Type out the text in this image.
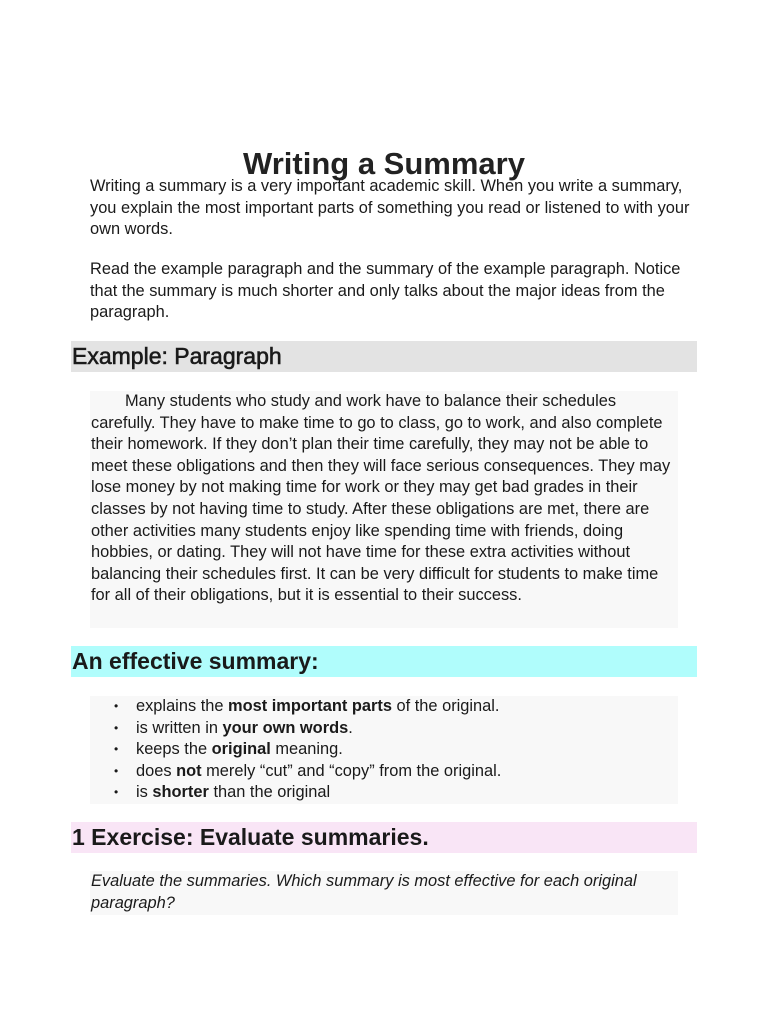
Writing a Summary

Writing a summary is a very important academic skill. When you write a summary, you explain the most important parts of something you read or listened to with your own words.

Read the example paragraph and the summary of the example paragraph. Notice that the summary is much shorter and only talks about the major ideas from the paragraph.

Example: Paragraph

Many students who study and work have to balance their schedules carefully. They have to make time to go to class, go to work, and also complete their homework. If they don’t plan their time carefully, they may not be able to meet these obligations and then they will face serious consequences. They may lose money by not making time for work or they may get bad grades in their classes by not having time to study. After these obligations are met, there are other activities many students enjoy like spending time with friends, doing hobbies, or dating. They will not have time for these extra activities without balancing their schedules first. It can be very difficult for students to make time for all of their obligations, but it is essential to their success.

An effective summary:
• explains the most important parts of the original.
• is written in your own words.
• keeps the original meaning.
• does not merely “cut” and “copy” from the original.
• is shorter than the original
1 Exercise: Evaluate summaries.

Evaluate the summaries. Which summary is most effective for each original paragraph?
